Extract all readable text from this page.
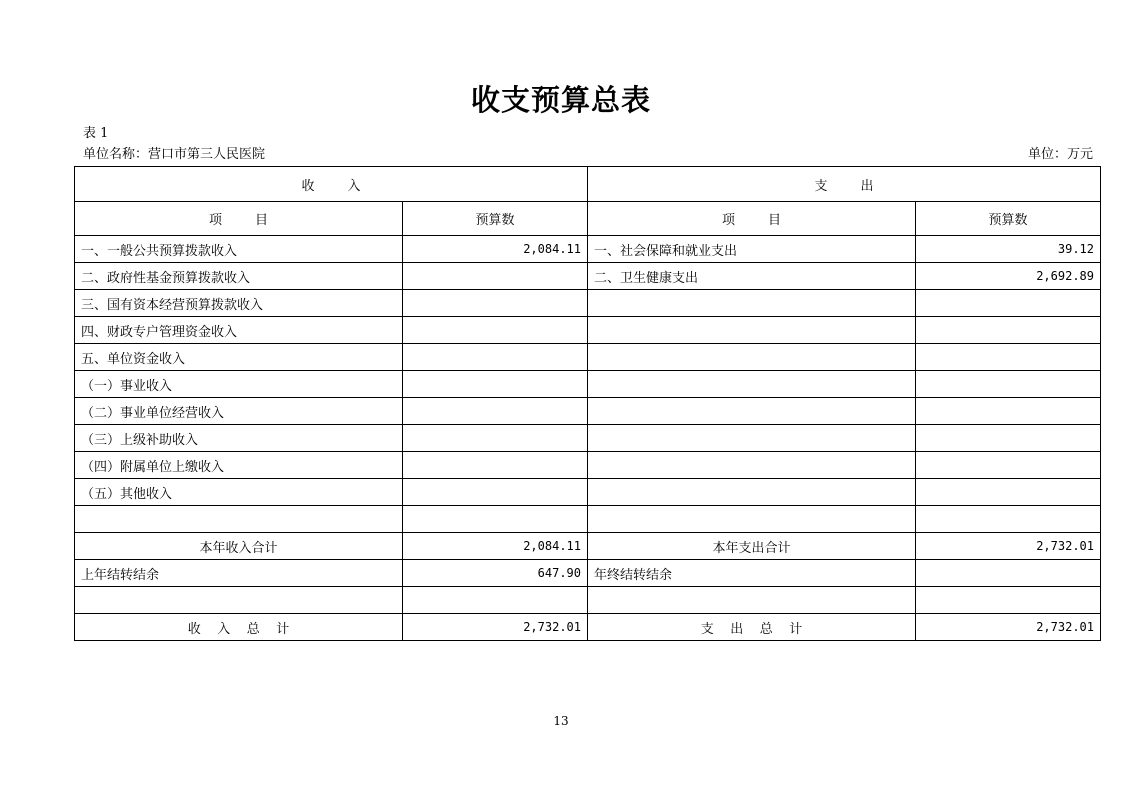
收支预算总表
表 1
单位名称：营口市第三人民医院	单位：万元
收        入		支        出	
项        目	预算数	项        目	预算数
一、一般公共预算拨款收入	2,084.11	一、社会保障和就业支出	39.12
二、政府性基金预算拨款收入		二、卫生健康支出	2,692.89
三、国有资本经营预算拨款收入			
四、财政专户管理资金收入			
五、单位资金收入			
（一）事业收入			
（二）事业单位经营收入			
（三）上级补助收入			
（四）附属单位上缴收入			
（五）其他收入			

本年收入合计	2,084.11	本年支出合计	2,732.01
上年结转结余	647.90	年终结转结余	

收    入    总    计	2,732.01	支    出    总    计	2,732.01
13
